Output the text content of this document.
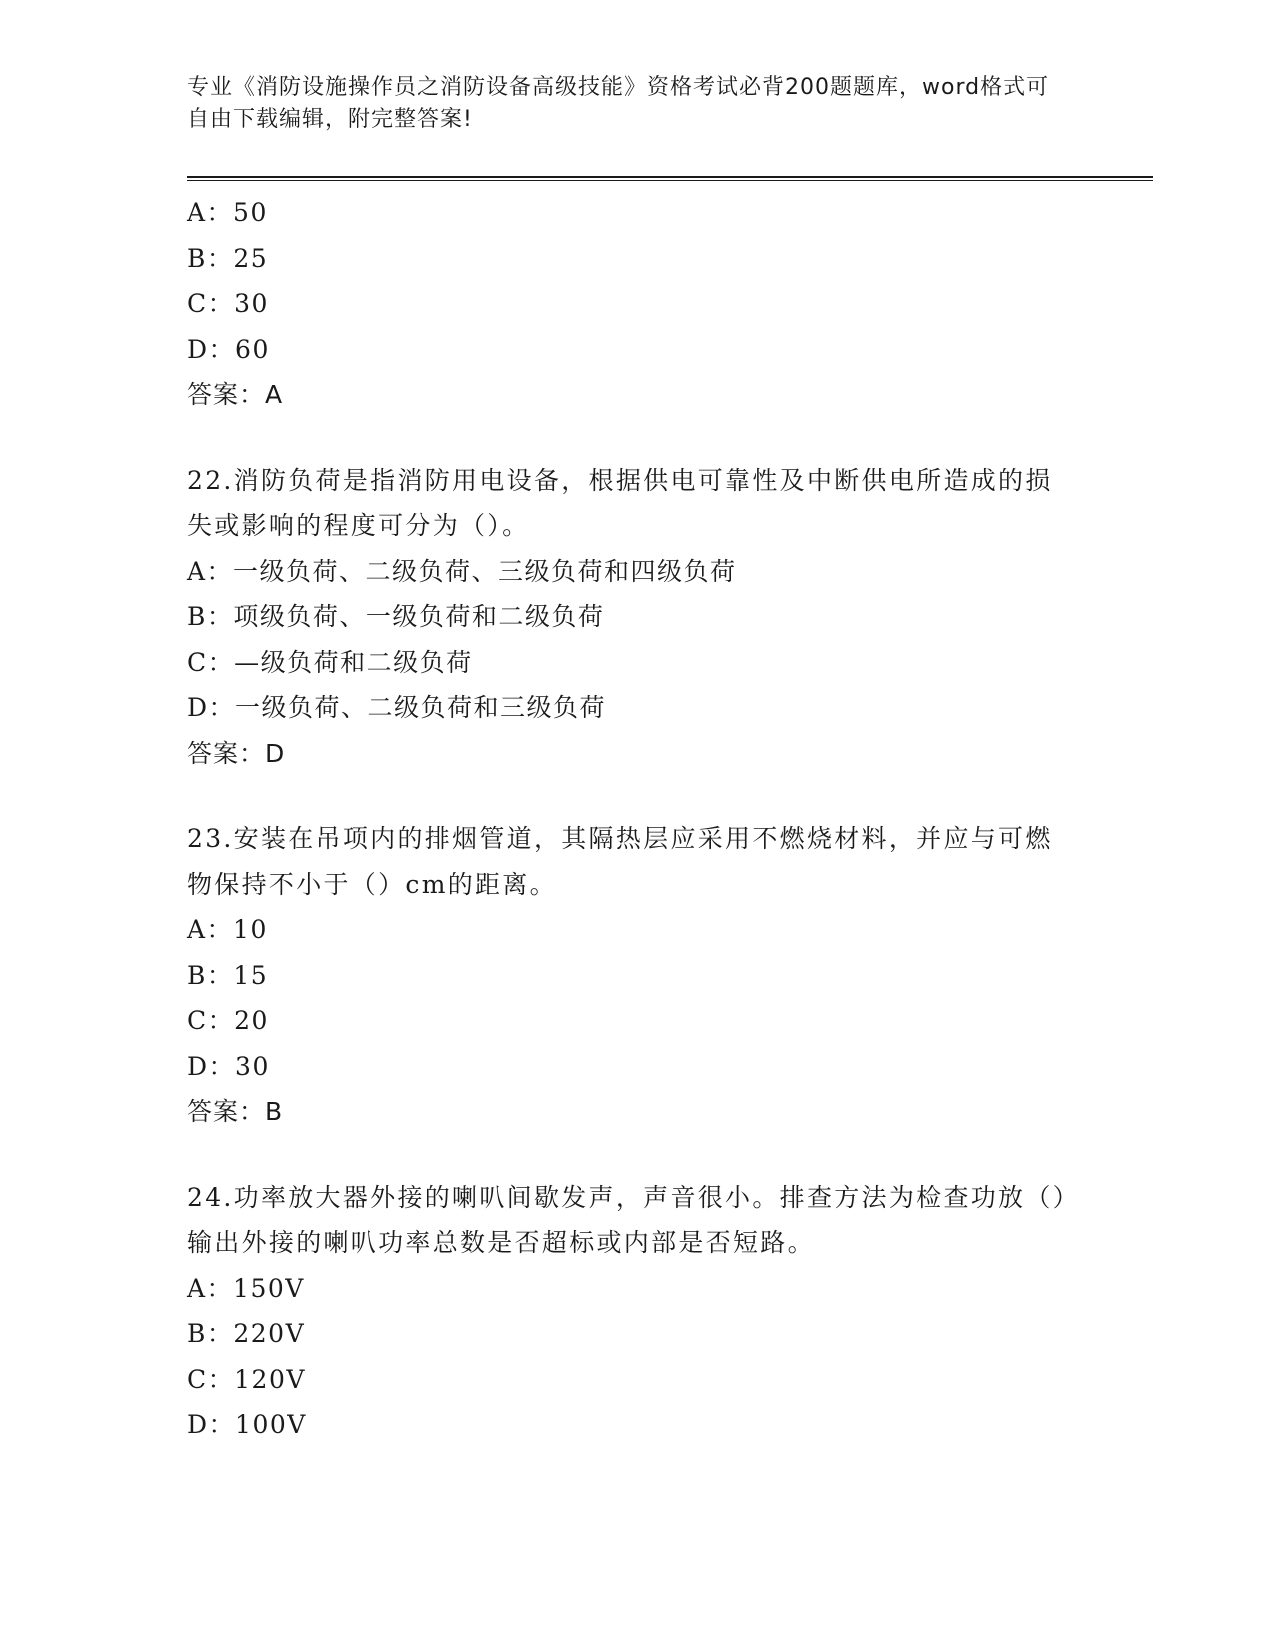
专业《消防设施操作员之消防设备高级技能》资格考试必背200题题库，word格式可自由下载编辑，附完整答案!
A：50
B：25
C：30
D：60
答案：A
22.消防负荷是指消防用电设备，根据供电可靠性及中断供电所造成的损失或影响的程度可分为（）。
A：一级负荷、二级负荷、三级负荷和四级负荷
B：项级负荷、一级负荷和二级负荷
C：—级负荷和二级负荷
D：一级负荷、二级负荷和三级负荷
答案：D
23.安装在吊项内的排烟管道，其隔热层应采用不燃烧材料，并应与可燃物保持不小于（）cm的距离。
A：10
B：15
C：20
D：30
答案：B
24.功率放大器外接的喇叭间歇发声，声音很小。排查方法为检查功放（）输出外接的喇叭功率总数是否超标或内部是否短路。
A：150V
B：220V
C：120V
D：100V
